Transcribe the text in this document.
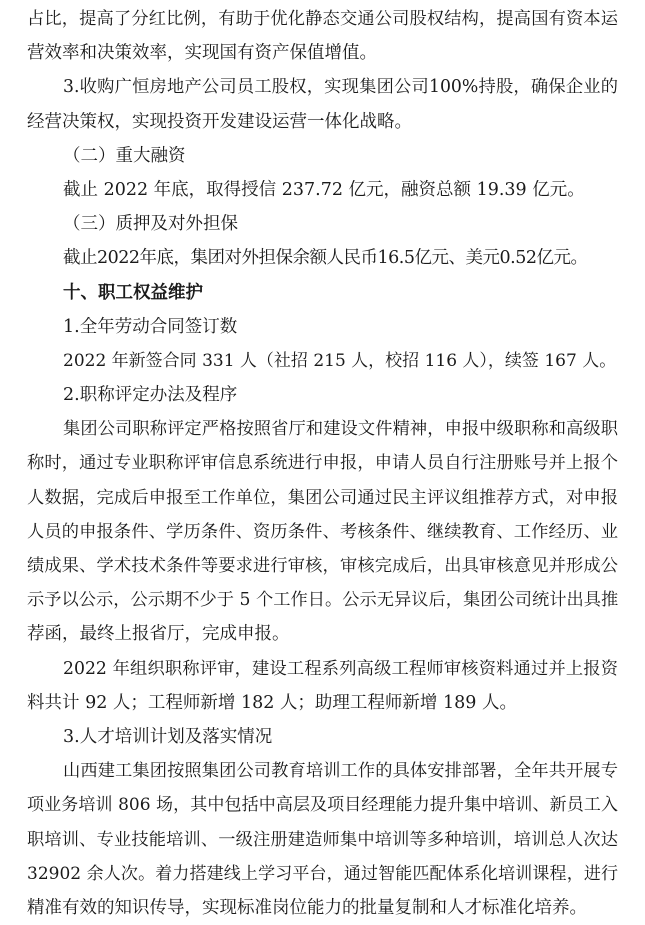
占比，提高了分红比例，有助于优化静态交通公司股权结构，提高国有资本运
营效率和决策效率，实现国有资产保值增值。
3.收购广恒房地产公司员工股权，实现集团公司100%持股，确保企业的
经营决策权，实现投资开发建设运营一体化战略。
（二）重大融资
截止 2022 年底，取得授信 237.72 亿元，融资总额 19.39 亿元。
（三）质押及对外担保
截止2022年底，集团对外担保余额人民币16.5亿元、美元0.52亿元。
十、职工权益维护
1.全年劳动合同签订数
2022 年新签合同 331 人（社招 215 人，校招 116 人），续签 167 人。
2.职称评定办法及程序
集团公司职称评定严格按照省厅和建设文件精神，申报中级职称和高级职
称时，通过专业职称评审信息系统进行申报，申请人员自行注册账号并上报个
人数据，完成后申报至工作单位，集团公司通过民主评议组推荐方式，对申报
人员的申报条件、学历条件、资历条件、考核条件、继续教育、工作经历、业
绩成果、学术技术条件等要求进行审核，审核完成后，出具审核意见并形成公
示予以公示，公示期不少于 5 个工作日。公示无异议后，集团公司统计出具推
荐函，最终上报省厅，完成申报。
2022 年组织职称评审，建设工程系列高级工程师审核资料通过并上报资
料共计 92 人；工程师新增 182 人；助理工程师新增 189 人。
3.人才培训计划及落实情况
山西建工集团按照集团公司教育培训工作的具体安排部署，全年共开展专
项业务培训 806 场，其中包括中高层及项目经理能力提升集中培训、新员工入
职培训、专业技能培训、一级注册建造师集中培训等多种培训，培训总人次达
32902 余人次。着力搭建线上学习平台，通过智能匹配体系化培训课程，进行
精准有效的知识传导，实现标准岗位能力的批量复制和人才标准化培养。
